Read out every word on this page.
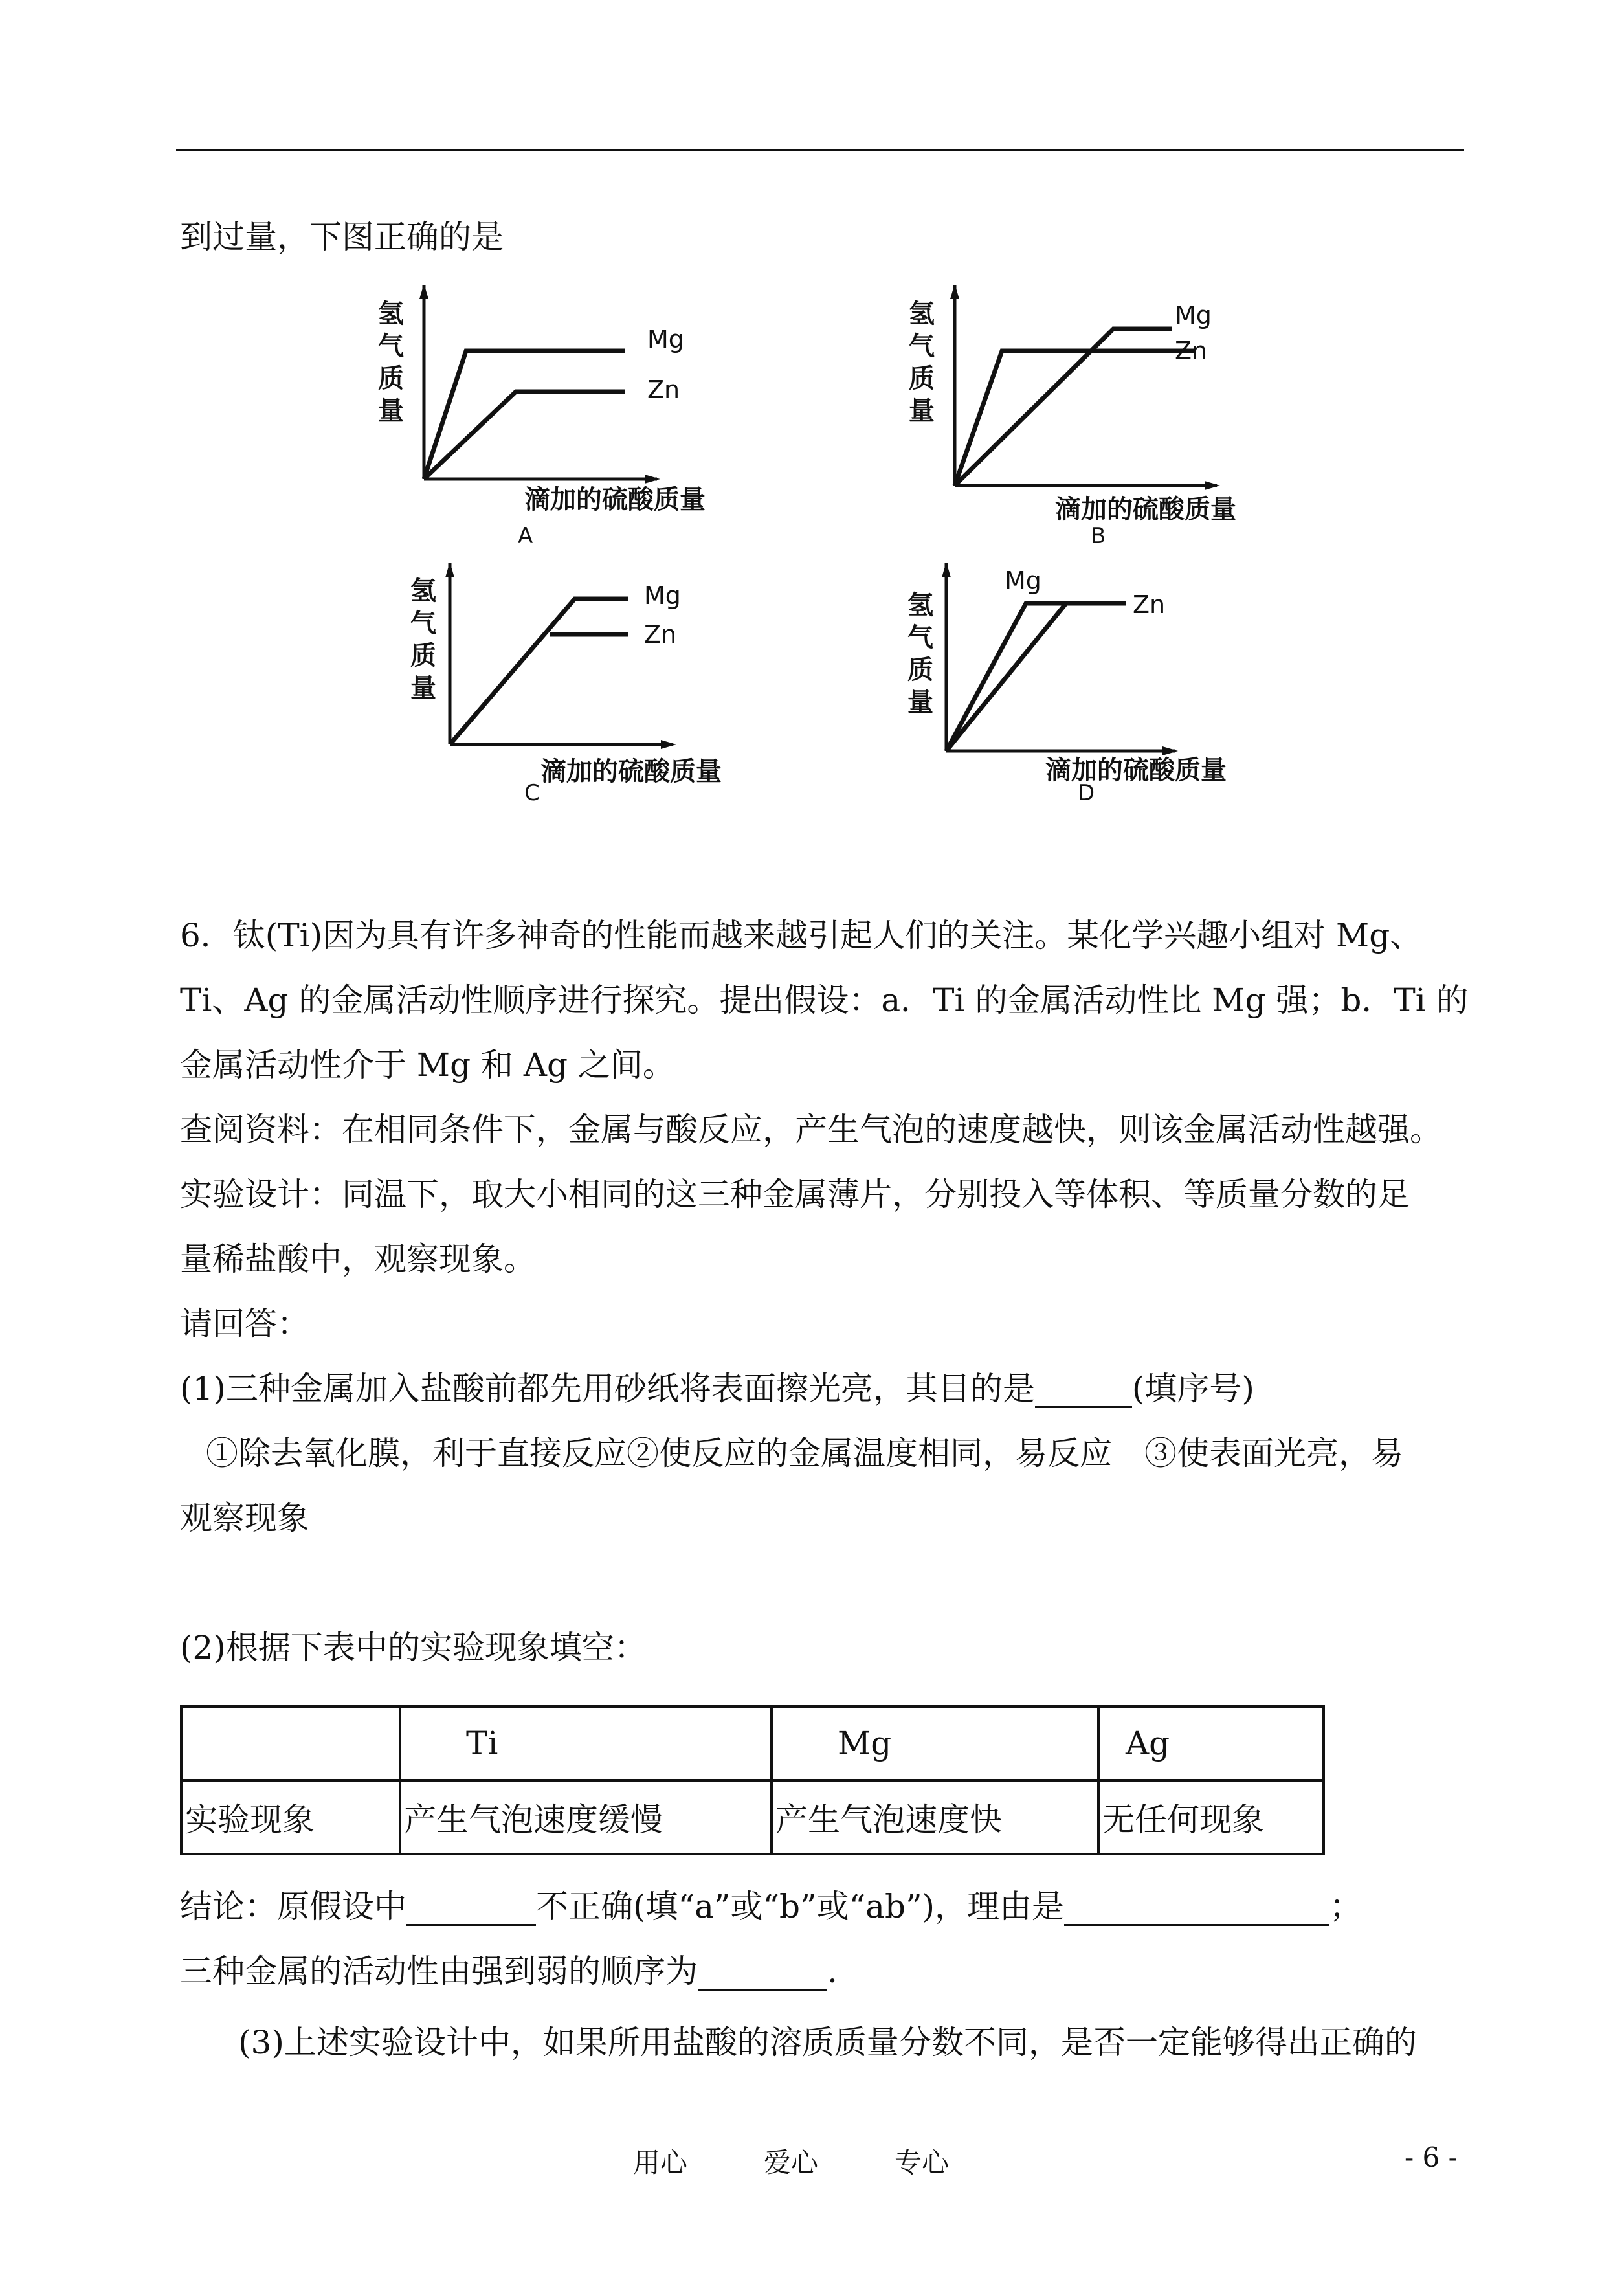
到过量，下图正确的是
氢
气
质
量
Mg
Zn
滴加的硫酸质量
A
氢
气
质
量
Mg
Zn
滴加的硫酸质量
B
氢
气
质
量
Mg
Zn
滴加的硫酸质量
C
氢
气
质
量
Mg
Zn
滴加的硫酸质量
D
6．钛(Ti)因为具有许多神奇的性能而越来越引起人们的关注。某化学兴趣小组对 Mg、
Ti、Ag 的金属活动性顺序进行探究。提出假设：a．Ti 的金属活动性比 Mg 强；b．Ti 的
金属活动性介于 Mg 和 Ag 之间。
查阅资料：在相同条件下，金属与酸反应，产生气泡的速度越快，则该金属活动性越强。
实验设计：同温下，取大小相同的这三种金属薄片，分别投入等体积、等质量分数的足
量稀盐酸中，观察现象。
请回答：
(1)三种金属加入盐酸前都先用砂纸将表面擦光亮，其目的是	(填序号)
①除去氧化膜，利于直接反应②使反应的金属温度相同，易反应　③使表面光亮，易
观察现象
(2)根据下表中的实验现象填空：
	Ti	Mg	Ag
实验现象	产生气泡速度缓慢	产生气泡速度快	无任何现象
结论：原假设中	不正确(填“a”或“b”或“ab”)，理由是	；
三种金属的活动性由强到弱的顺序为	.
(3)上述实验设计中，如果所用盐酸的溶质质量分数不同，是否一定能够得出正确的
用心	爱心	专心	- 6 -
